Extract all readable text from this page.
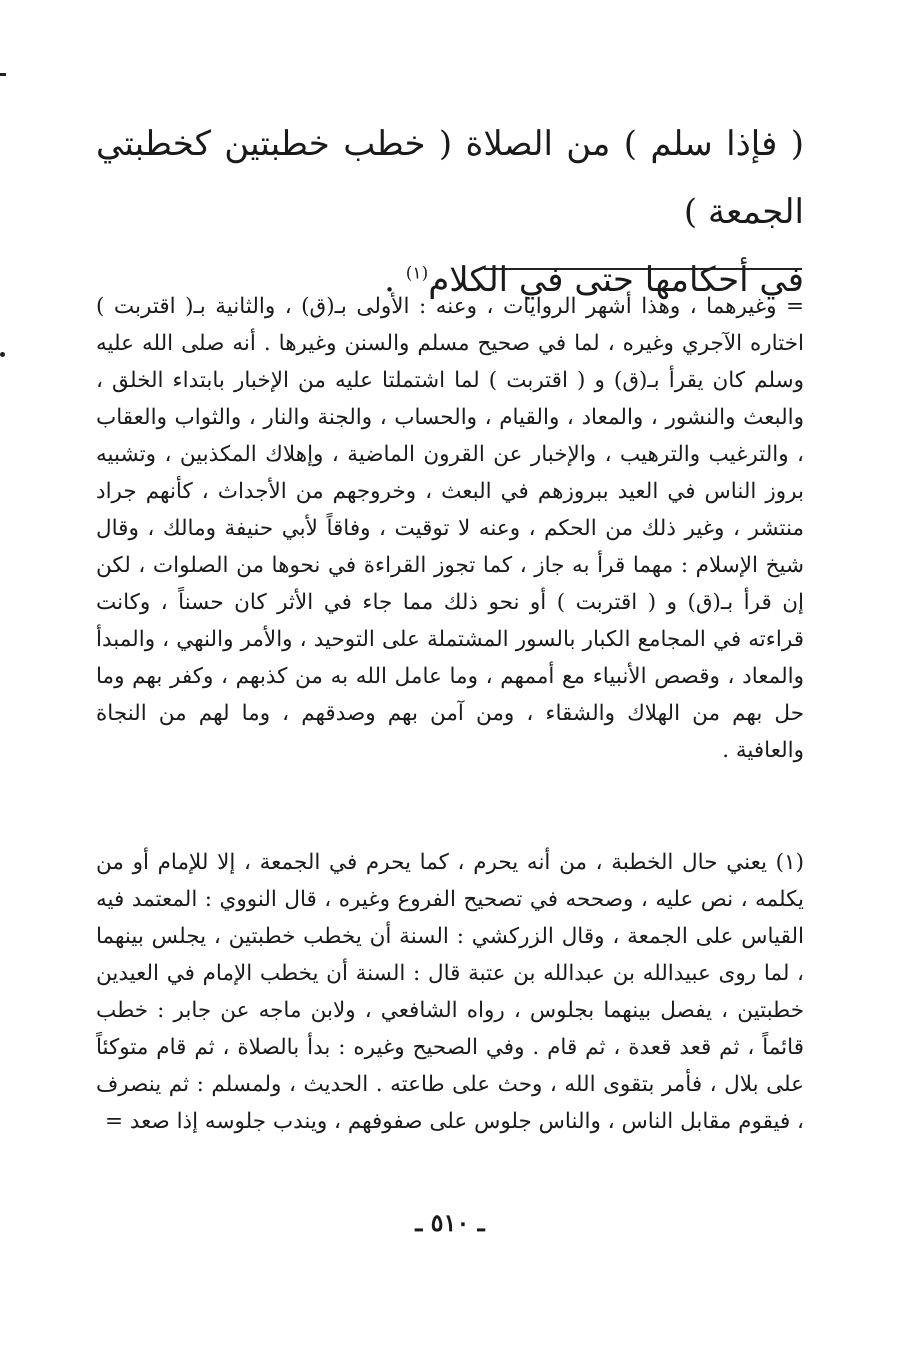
( فإذا سلم ) من الصلاة ( خطب خطبتين كخطبتي الجمعة )

في أحكامها حتى في الكلام$^{(١)}$ .

= وغيرهما ، وهذا أشهر الروايات ، وعنه : الأولى بـ(ق) ، والثانية بـ( اقتربت ) اختاره الآجري وغيره ، لما في صحيح مسلم والسنن وغيرها . أنه صلى الله عليه وسلم كان يقرأ بـ(ق) و ( اقتربت ) لما اشتملتا عليه من الإخبار بابتداء الخلق ، والبعث والنشور ، والمعاد ، والقيام ، والحساب ، والجنة والنار ، والثواب والعقاب ، والترغيب والترهيب ، والإخبار عن القرون الماضية ، وإهلاك المكذبين ، وتشبيه بروز الناس في العيد ببروزهم في البعث ، وخروجهم من الأجداث ، كأنهم جراد منتشر ، وغير ذلك من الحكم ، وعنه لا توقيت ، وفاقاً لأبي حنيفة ومالك ، وقال شيخ الإسلام : مهما قرأ به جاز ، كما تجوز القراءة في نحوها من الصلوات ، لكن إن قرأ بـ(ق) و ( اقتربت ) أو نحو ذلك مما جاء في الأثر كان حسناً ، وكانت قراءته في المجامع الكبار بالسور المشتملة على التوحيد ، والأمر والنهي ، والمبدأ والمعاد ، وقصص الأنبياء مع أممهم ، وما عامل الله به من كذبهم ، وكفر بهم وما حل بهم من الهلاك والشقاء ، ومن آمن بهم وصدقهم ، وما لهم من النجاة والعافية .

(١) يعني حال الخطبة ، من أنه يحرم ، كما يحرم في الجمعة ، إلا للإمام أو من يكلمه ، نص عليه ، وصححه في تصحيح الفروع وغيره ، قال النووي : المعتمد فيه القياس على الجمعة ، وقال الزركشي : السنة أن يخطب خطبتين ، يجلس بينهما ، لما روى عبيدالله بن عبدالله بن عتبة قال : السنة أن يخطب الإمام في العيدين خطبتين ، يفصل بينهما بجلوس ، رواه الشافعي ، ولابن ماجه عن جابر : خطب قائماً ، ثم قعد قعدة ، ثم قام . وفي الصحيح وغيره : بدأ بالصلاة ، ثم قام متوكئاً على بلال ، فأمر بتقوى الله ، وحث على طاعته . الحديث ، ولمسلم : ثم ينصرف ، فيقوم مقابل الناس ، والناس جلوس على صفوفهم ، ويندب جلوسه إذا صعد =

ـ ٥١٠ ـ
